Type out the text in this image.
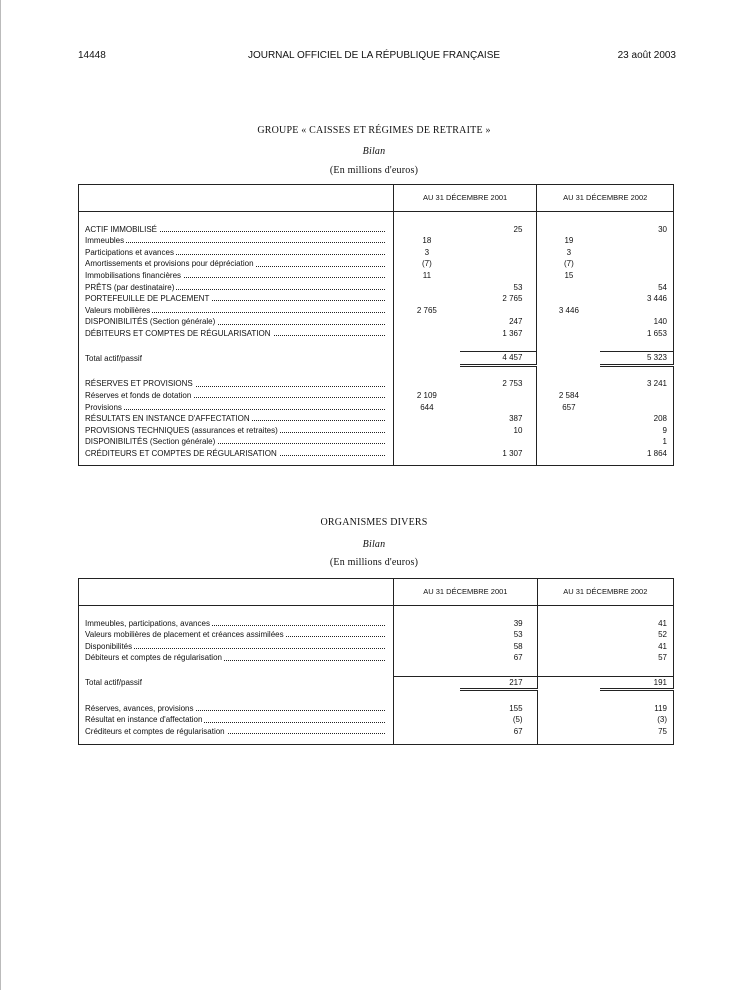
14448	JOURNAL OFFICIEL DE LA RÉPUBLIQUE FRANÇAISE	23 août 2003
GROUPE « CAISSES ET RÉGIMES DE RETRAITE »
Bilan
(En millions d'euros)
	AU 31 DÉCEMBRE 2001		AU 31 DÉCEMBRE 2002	

ACTIF IMMOBILISÉ		25		30
Immeubles	18		19	
Participations et avances	3		3	
Amortissements et provisions pour dépréciation	(7)		(7)	
Immobilisations financières	11		15	
PRÊTS (par destinataire)		53		54
PORTEFEUILLE DE PLACEMENT		2 765		3 446
Valeurs mobilières	2 765		3 446	
DISPONIBILITÉS (Section générale)		247		140
DÉBITEURS ET COMPTES DE RÉGULARISATION		1 367		1 653

Total actif/passif		4 457		5 323

RÉSERVES ET PROVISIONS		2 753		3 241
Réserves et fonds de dotation	2 109		2 584	
Provisions	644		657	
RÉSULTATS EN INSTANCE D'AFFECTATION		387		208
PROVISIONS TECHNIQUES (assurances et retraites)		10		9
DISPONIBILITÉS (Section générale)				1
CRÉDITEURS ET COMPTES DE RÉGULARISATION		1 307		1 864

ORGANISMES DIVERS
Bilan
(En millions d'euros)
	AU 31 DÉCEMBRE 2001		AU 31 DÉCEMBRE 2002	

Immeubles, participations, avances		39		41
Valeurs mobilières de placement et créances assimilées		53		52
Disponibilités		58		41
Débiteurs et comptes de régularisation		67		57

Total actif/passif		217		191

Réserves, avances, provisions		155		119
Résultat en instance d'affectation		(5)		(3)
Créditeurs et comptes de régularisation		67		75
